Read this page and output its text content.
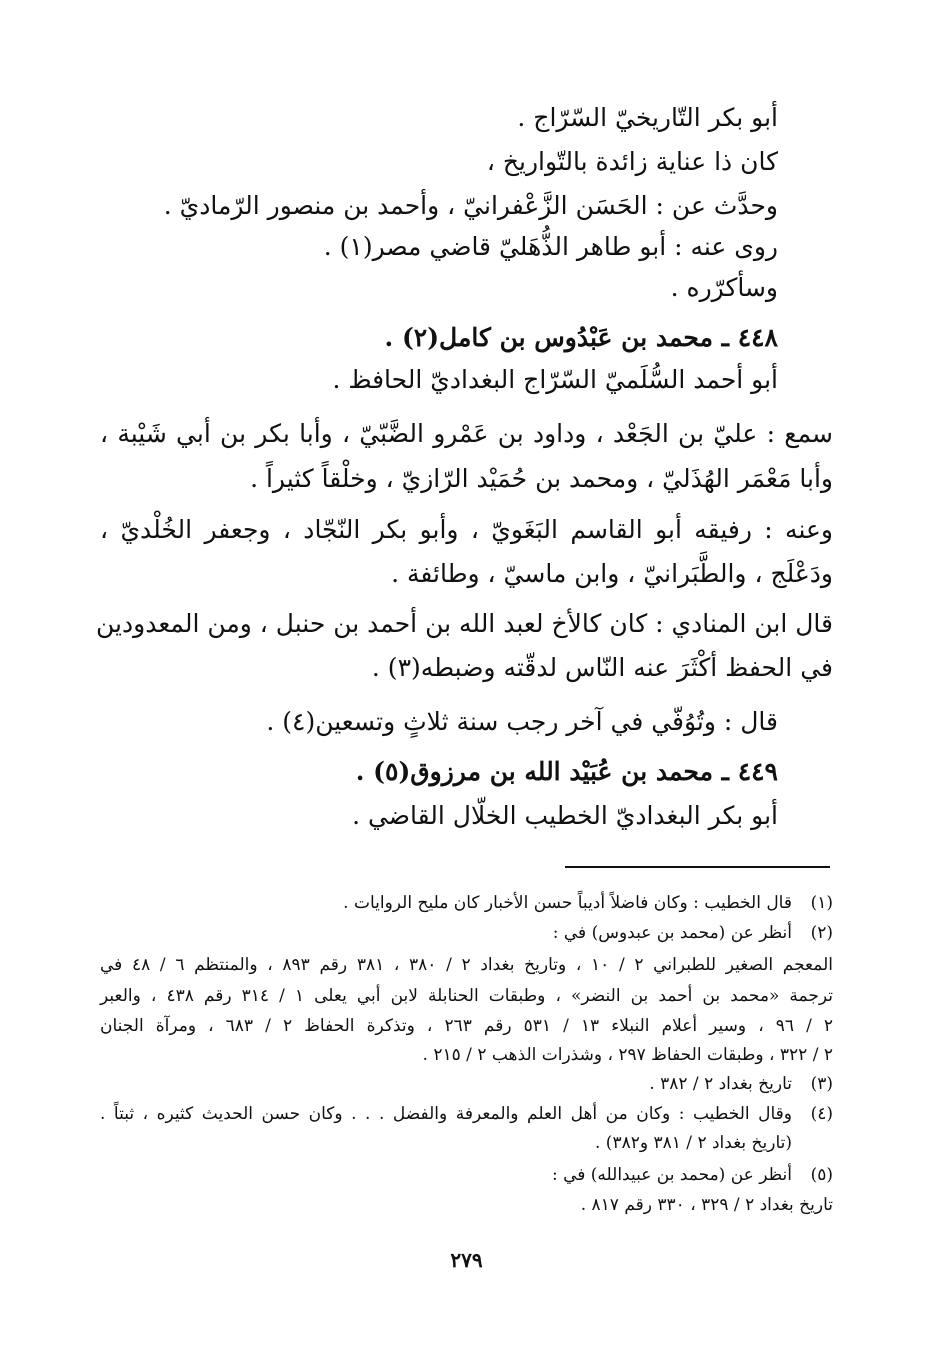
أبو بكر التّاريخيّ السّرّاج .
كان ذا عناية زائدة بالتّواريخ ،
وحدَّث عن : الحَسَن الزَّعْفرانيّ ، وأحمد بن منصور الرّماديّ .
روى عنه : أبو طاهر الذُّهَليّ قاضي مصر(١) .
وسأكرّره .
٤٤٨ ـ محمد بن عَبْدُوس بن كامل(٢) .
أبو أحمد السُّلَميّ السّرّاج البغداديّ الحافظ .
سمع : عليّ بن الجَعْد ، وداود بن عَمْرو الضَّبّيّ ، وأبا بكر بن أبي شَيْبة ،
وأبا مَعْمَر الهُذَليّ ، ومحمد بن حُمَيْد الرّازيّ ، وخلْقاً كثيراً .
وعنه : رفيقه أبو القاسم البَغَويّ ، وأبو بكر النّجّاد ، وجعفر الخُلْديّ ،
ودَعْلَج ، والطَّبَرانيّ ، وابن ماسيّ ، وطائفة .
قال ابن المنادي : كان كالأخ لعبد الله بن أحمد بن حنبل ، ومن المعدودين
في الحفظ أكْثَرَ عنه النّاس لدقّته وضبطه(٣) .
قال : وتُوُفّي في آخر رجب سنة ثلاثٍ وتسعين(٤) .
٤٤٩ ـ محمد بن عُبَيْد الله بن مرزوق(٥) .
أبو بكر البغداديّ الخطيب الخلّال القاضي .
(١)
قال الخطيب : وكان فاضلاً أديباً حسن الأخبار كان مليح الروايات .
(٢)
أنظر عن (محمد بن عبدوس) في :
المعجم الصغير للطبراني ٢ / ١٠ ، وتاريخ بغداد ٢ / ٣٨٠ ، ٣٨١ رقم ٨٩٣ ، والمنتظم ٦ / ٤٨ في
ترجمة «محمد بن أحمد بن النضر» ، وطبقات الحنابلة لابن أبي يعلى ١ / ٣١٤ رقم ٤٣٨ ، والعبر
٢ / ٩٦ ، وسير أعلام النبلاء ١٣ / ٥٣١ رقم ٢٦٣ ، وتذكرة الحفاظ ٢ / ٦٨٣ ، ومرآة الجنان
٢ / ٣٢٢ ، وطبقات الحفاظ ٢٩٧ ، وشذرات الذهب ٢ / ٢١٥ .
(٣)
تاريخ بغداد ٢ / ٣٨٢ .
(٤)
وقال الخطيب : وكان من أهل العلم والمعرفة والفضل . . . وكان حسن الحديث كثيره ، ثبتاً .
(تاريخ بغداد ٢ / ٣٨١ و٣٨٢) .
(٥)
أنظر عن (محمد بن عبيدالله) في :
تاريخ بغداد ٢ / ٣٢٩ ، ٣٣٠ رقم ٨١٧ .
٢٧٩
